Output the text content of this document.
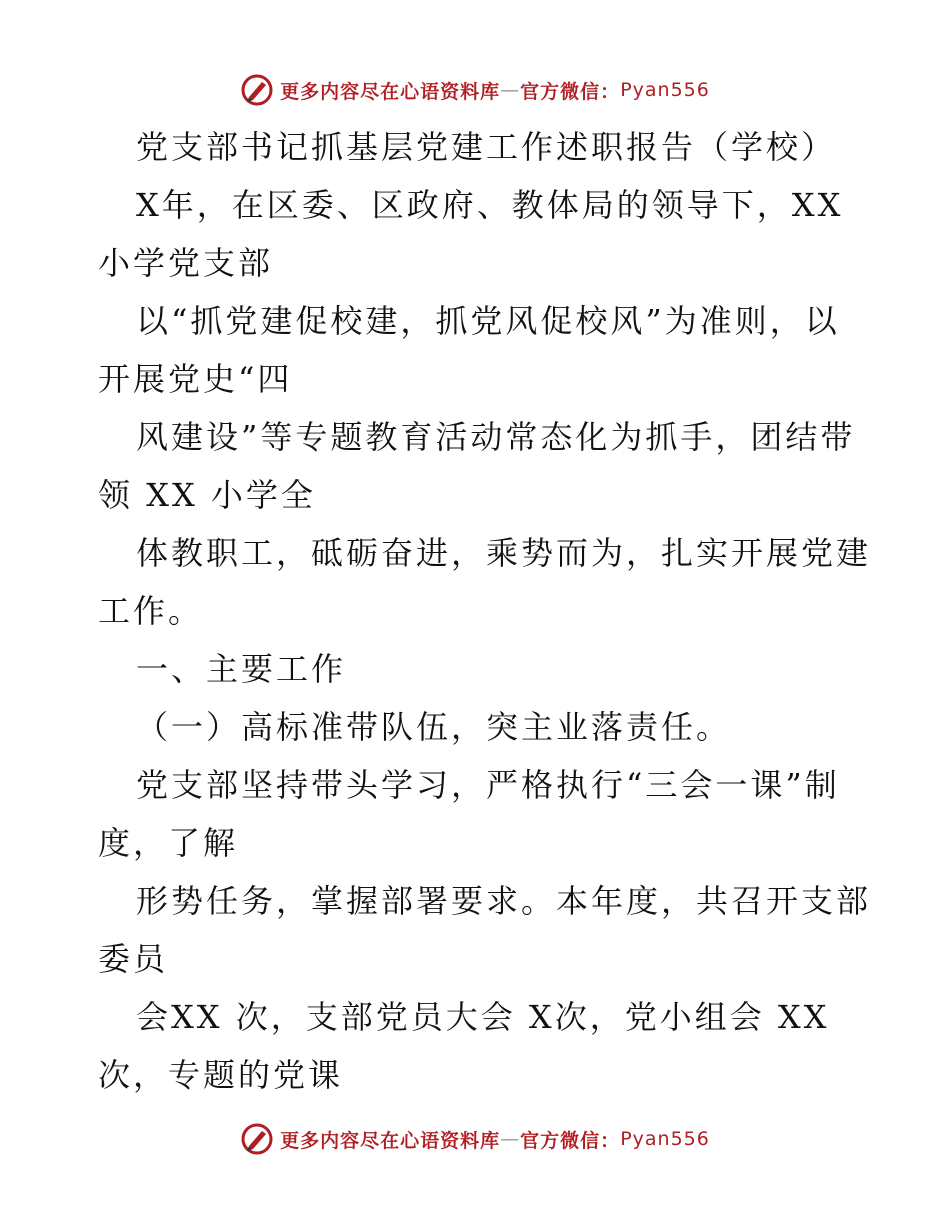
更多内容尽在心语资料库 — 官方微信： Pyan556
党支部书记抓基层党建工作述职报告（学校）
X年，在区委、区政府、教体局的领导下，XX
小学党支部
以“抓党建促校建，抓党风促校风”为准则，以
开展党史“四
风建设”等专题教育活动常态化为抓手，团结带
领 XX 小学全
体教职工，砥砺奋进，乘势而为，扎实开展党建
工作。
一、主要工作
（一）高标准带队伍，突主业落责任。
党支部坚持带头学习，严格执行“三会一课”制
度，了解
形势任务，掌握部署要求。本年度，共召开支部
委员
会XX 次，支部党员大会 X次，党小组会 XX
次，专题的党课
更多内容尽在心语资料库 — 官方微信： Pyan556
